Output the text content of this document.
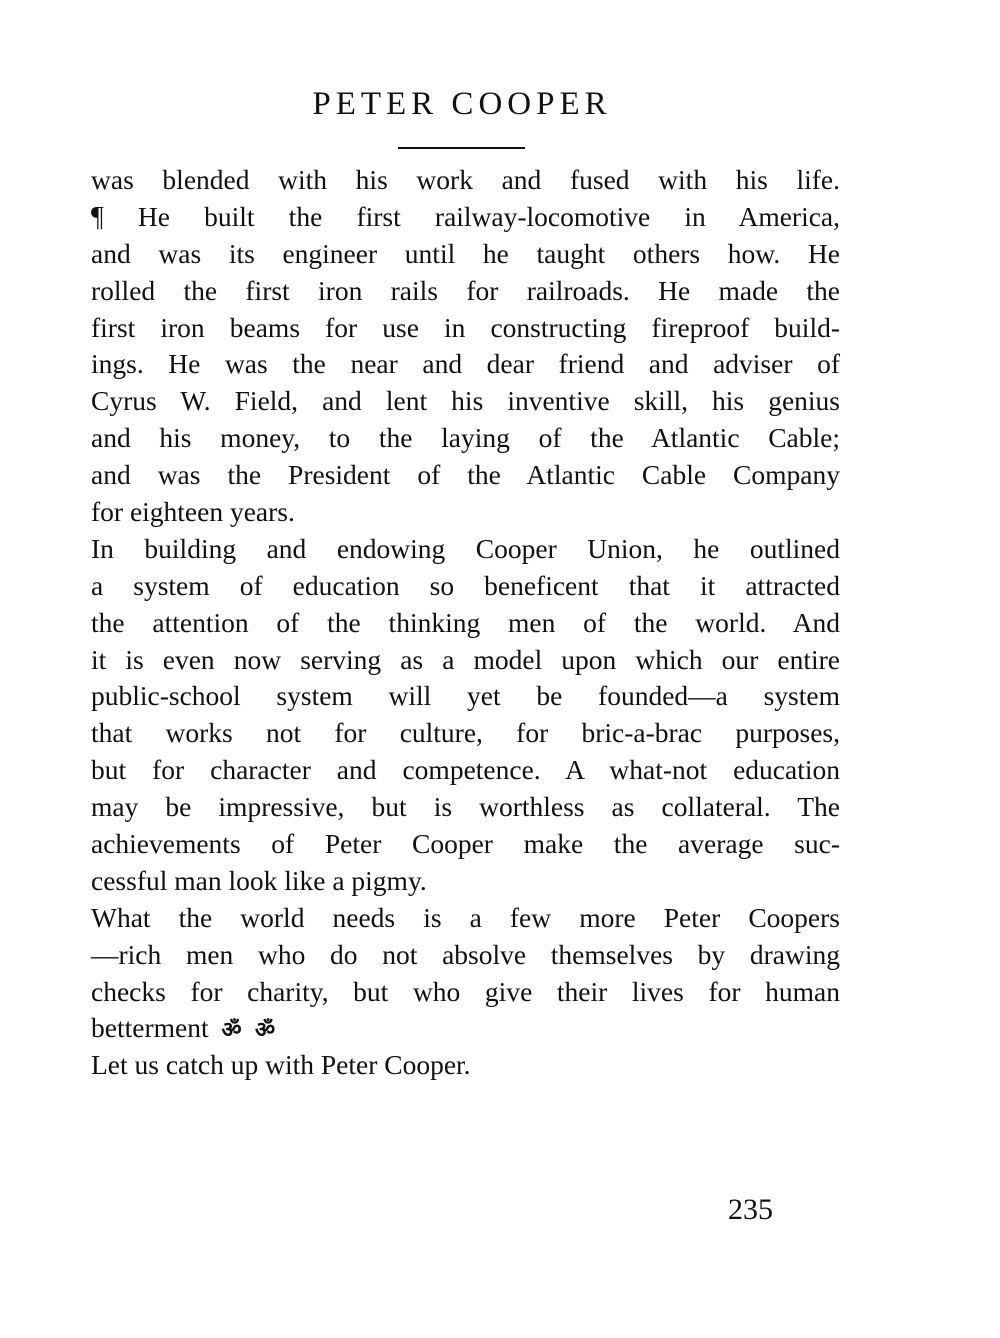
PETER COOPER
was blended with his work and fused with his life.
¶ He built the first railway-locomotive in America,
and was its engineer until he taught others how. He
rolled the first iron rails for railroads. He made the
first iron beams for use in constructing fireproof build-
ings. He was the near and dear friend and adviser of
Cyrus W. Field, and lent his inventive skill, his genius
and his money, to the laying of the Atlantic Cable;
and was the President of the Atlantic Cable Company
for eighteen years.
In building and endowing Cooper Union, he outlined
a system of education so beneficent that it attracted
the attention of the thinking men of the world. And
it is even now serving as a model upon which our entire
public-school system will yet be founded—a system
that works not for culture, for bric-a-brac purposes,
but for character and competence. A what-not education
may be impressive, but is worthless as collateral. The
achievements of Peter Cooper make the average suc-
cessful man look like a pigmy.
What the world needs is a few more Peter Coopers
—rich men who do not absolve themselves by drawing
checks for charity, but who give their lives for human
betterment ॐ ॐ
Let us catch up with Peter Cooper.
235
